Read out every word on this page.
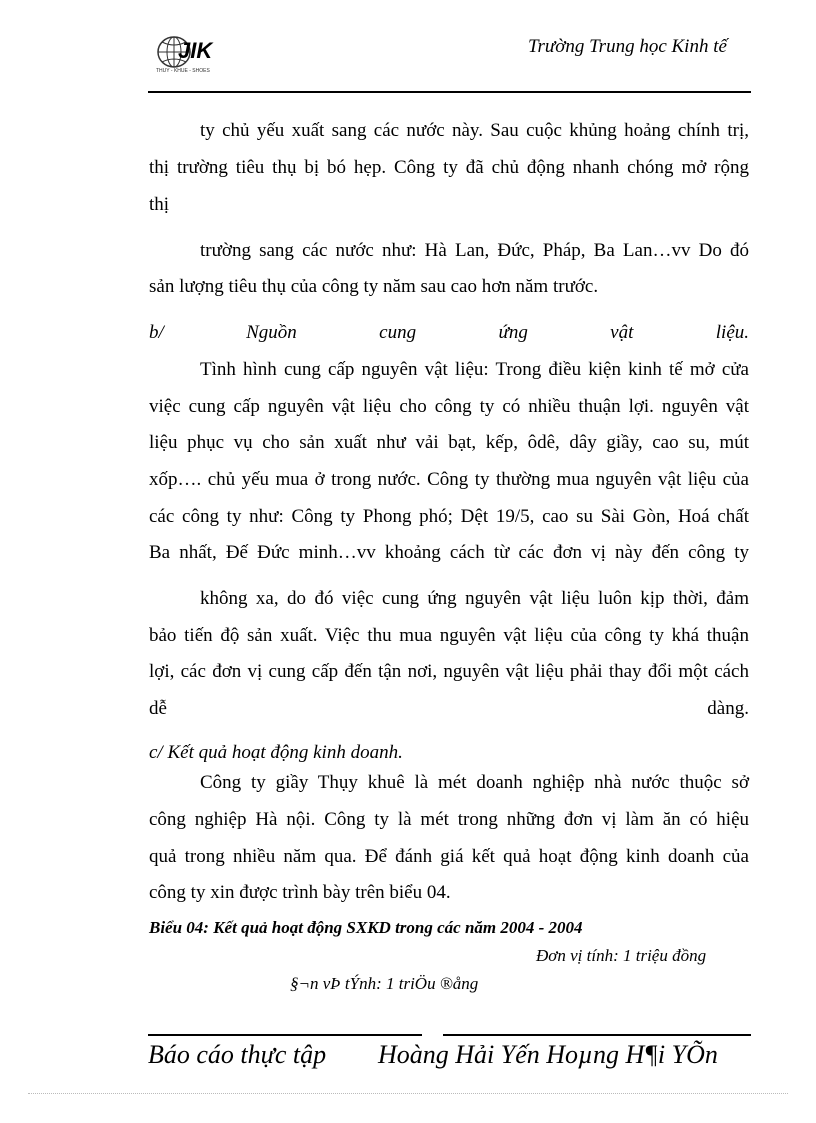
JIK
THUY - KHUE - SHOES
Trường Trung học Kinh tế
ty chủ yếu xuất sang các nước này. Sau cuộc khủng hoảng chính trị,
thị trường tiêu thụ bị bó hẹp. Công ty đã chủ động nhanh chóng mở rộng
thị
trường sang các nước như: Hà Lan, Đức, Pháp, Ba Lan…vv Do đó
sản lượng tiêu thụ của công ty năm sau cao hơn năm trước.
b/ Nguồn cung ứng vật liệu.
Tình hình cung cấp nguyên vật liệu: Trong điều kiện kinh tế mở cửa
việc cung cấp nguyên vật liệu cho công ty có nhiều thuận lợi. nguyên vật
liệu phục vụ cho sản xuất như vải bạt, kếp, ôdê, dây giầy, cao su, mút
xốp…. chủ yếu mua ở trong nước. Công ty thường mua nguyên vật liệu của
các công ty như: Công ty Phong phó; Dệt 19/5, cao su Sài Gòn, Hoá chất
Ba nhất, Đế Đức minh…vv khoảng cách từ các đơn vị này đến công ty
không xa, do đó việc cung ứng nguyên vật liệu luôn kịp thời, đảm
bảo tiến độ sản xuất. Việc thu mua nguyên vật liệu của công ty khá thuận
lợi, các đơn vị cung cấp đến tận nơi, nguyên vật liệu phải thay đổi một cách
dễ dàng.
c/ Kết quả hoạt động kinh doanh.
Công ty giầy Thụy khuê là mét doanh nghiệp nhà nước thuộc sở
công nghiệp Hà nội. Công ty là mét trong những đơn vị làm ăn có hiệu
quả trong nhiều năm qua. Để đánh giá kết quả hoạt động kinh doanh của
công ty xin được trình bày trên biểu 04.
Biểu 04: Kết quả hoạt động SXKD trong các năm 2004 - 2004
Đơn vị tính: 1 triệu đồng
§¬n vÞ tÝnh: 1 triÖu ®ång
Báo cáo thực tập Hoàng Hải Yến Hoµng H¶i YÕn
